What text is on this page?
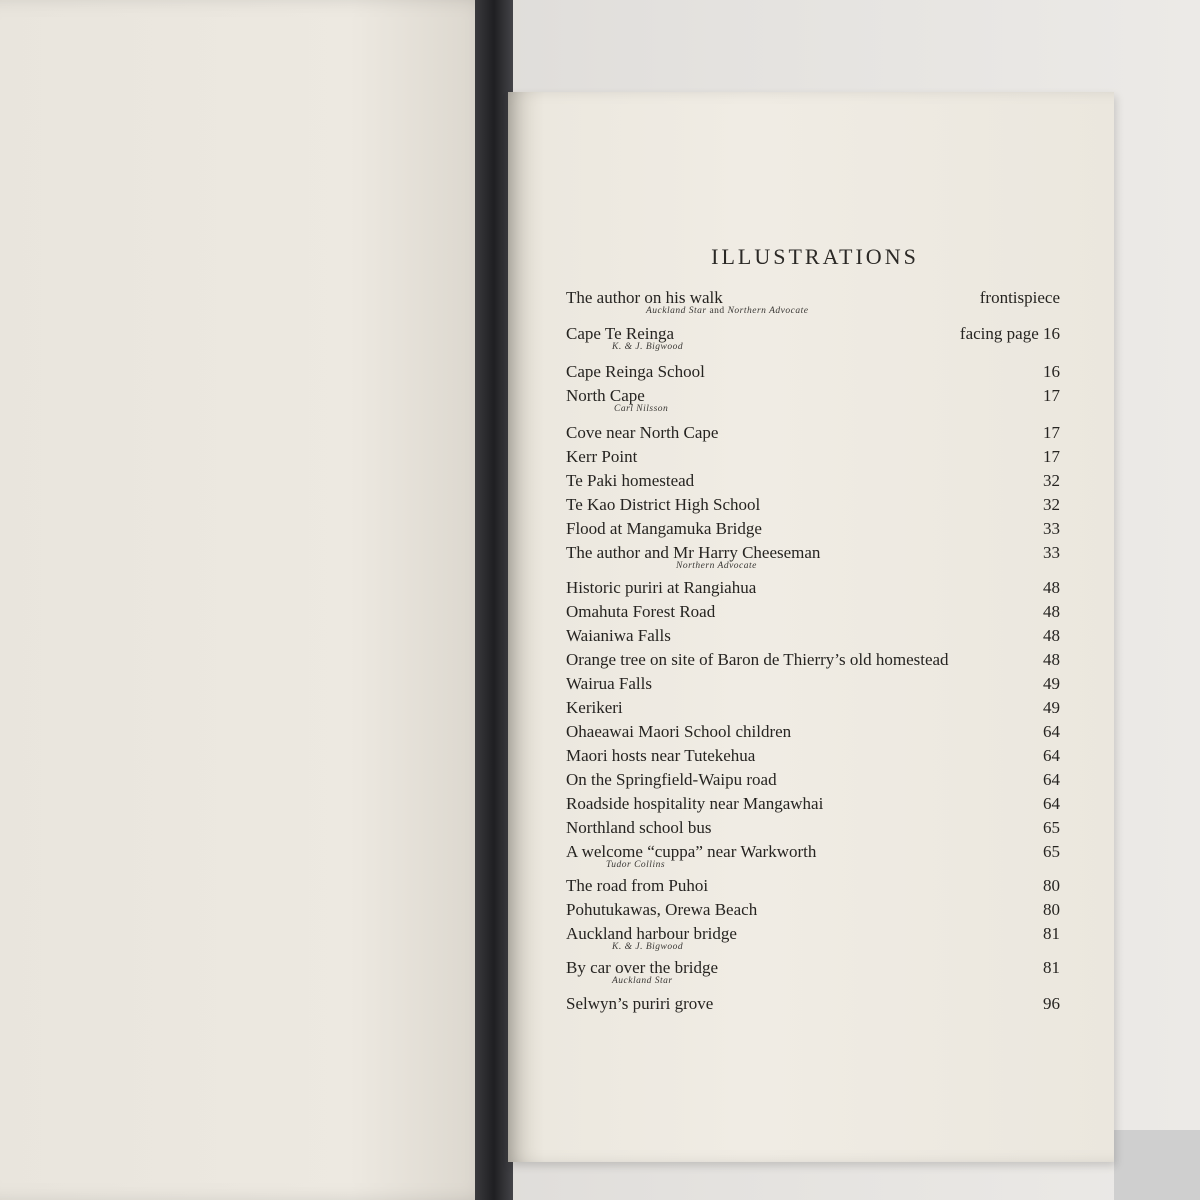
ILLUSTRATIONS
The author on his walk	frontispiece
Auckland Star and Northern Advocate
Cape Te Reinga	facing page 16
K. & J. Bigwood
Cape Reinga School	16
North Cape	17
Carl Nilsson
Cove near North Cape	17
Kerr Point	17
Te Paki homestead	32
Te Kao District High School	32
Flood at Mangamuka Bridge	33
The author and Mr Harry Cheeseman	33
Northern Advocate
Historic puriri at Rangiahua	48
Omahuta Forest Road	48
Waianiwa Falls	48
Orange tree on site of Baron de Thierry’s old homestead	48
Wairua Falls	49
Kerikeri	49
Ohaeawai Maori School children	64
Maori hosts near Tutekehua	64
On the Springfield-Waipu road	64
Roadside hospitality near Mangawhai	64
Northland school bus	65
A welcome “cuppa” near Warkworth	65
Tudor Collins
The road from Puhoi	80
Pohutukawas, Orewa Beach	80
Auckland harbour bridge	81
K. & J. Bigwood
By car over the bridge	81
Auckland Star
Selwyn’s puriri grove	96
